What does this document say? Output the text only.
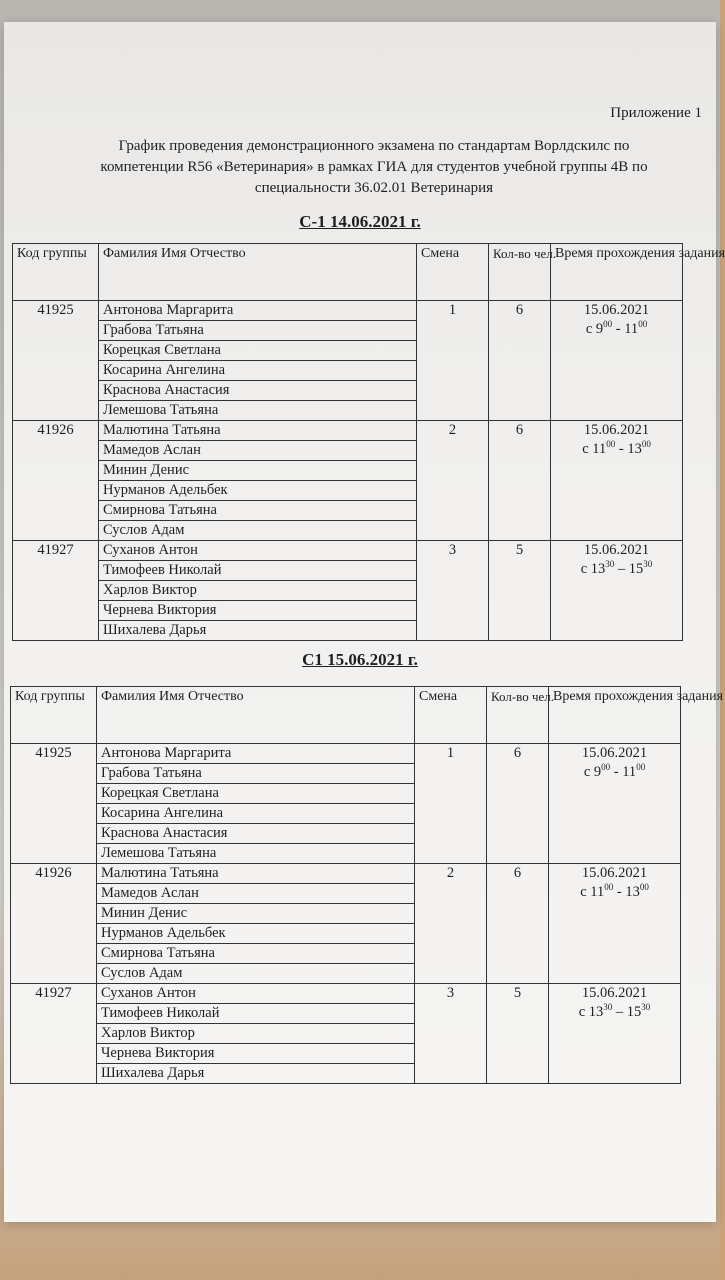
Приложение 1
График проведения демонстрационного экзамена по стандартам Ворлдскилс по
компетенции R56 «Ветеринария» в рамках ГИА для студентов учебной группы 4В по
специальности 36.02.01 Ветеринария
С-1 14.06.2021 г.
Код группы	Фамилия Имя Отчество	Смена	Кол-во чел.	Время прохождения задания
41925	Антонова Маргарита	1	6	15.06.2021
с $9^{00} - 11^{00}$

	Грабова Татьяна			
	Корецкая Светлана			
	Косарина Ангелина			
	Краснова Анастасия			
	Лемешова Татьяна			
41926	Малютина Татьяна	2	6	15.06.2021
с $11^{00} - 13^{00}$

	Мамедов Аслан			
	Минин Денис			
	Нурманов Адельбек			
	Смирнова Татьяна			
	Суслов Адам			
41927	Суханов Антон	3	5	15.06.2021
с $13^{30} - 15^{30}$

	Тимофеев Николай			
	Харлов Виктор			
	Чернева Виктория			
	Шихалева Дарья			
С1 15.06.2021 г.
Код группы	Фамилия Имя Отчество	Смена	Кол-во чел.	Время прохождения задания
41925	Антонова Маргарита	1	6	15.06.2021
с $9^{00} - 11^{00}$

	Грабова Татьяна			
	Корецкая Светлана			
	Косарина Ангелина			
	Краснова Анастасия			
	Лемешова Татьяна			
41926	Малютина Татьяна	2	6	15.06.2021
с $11^{00} - 13^{00}$

	Мамедов Аслан			
	Минин Денис			
	Нурманов Адельбек			
	Смирнова Татьяна			
	Суслов Адам			
41927	Суханов Антон	3	5	15.06.2021
с $13^{30} - 15^{30}$

	Тимофеев Николай			
	Харлов Виктор			
	Чернева Виктория			
	Шихалева Дарья			
